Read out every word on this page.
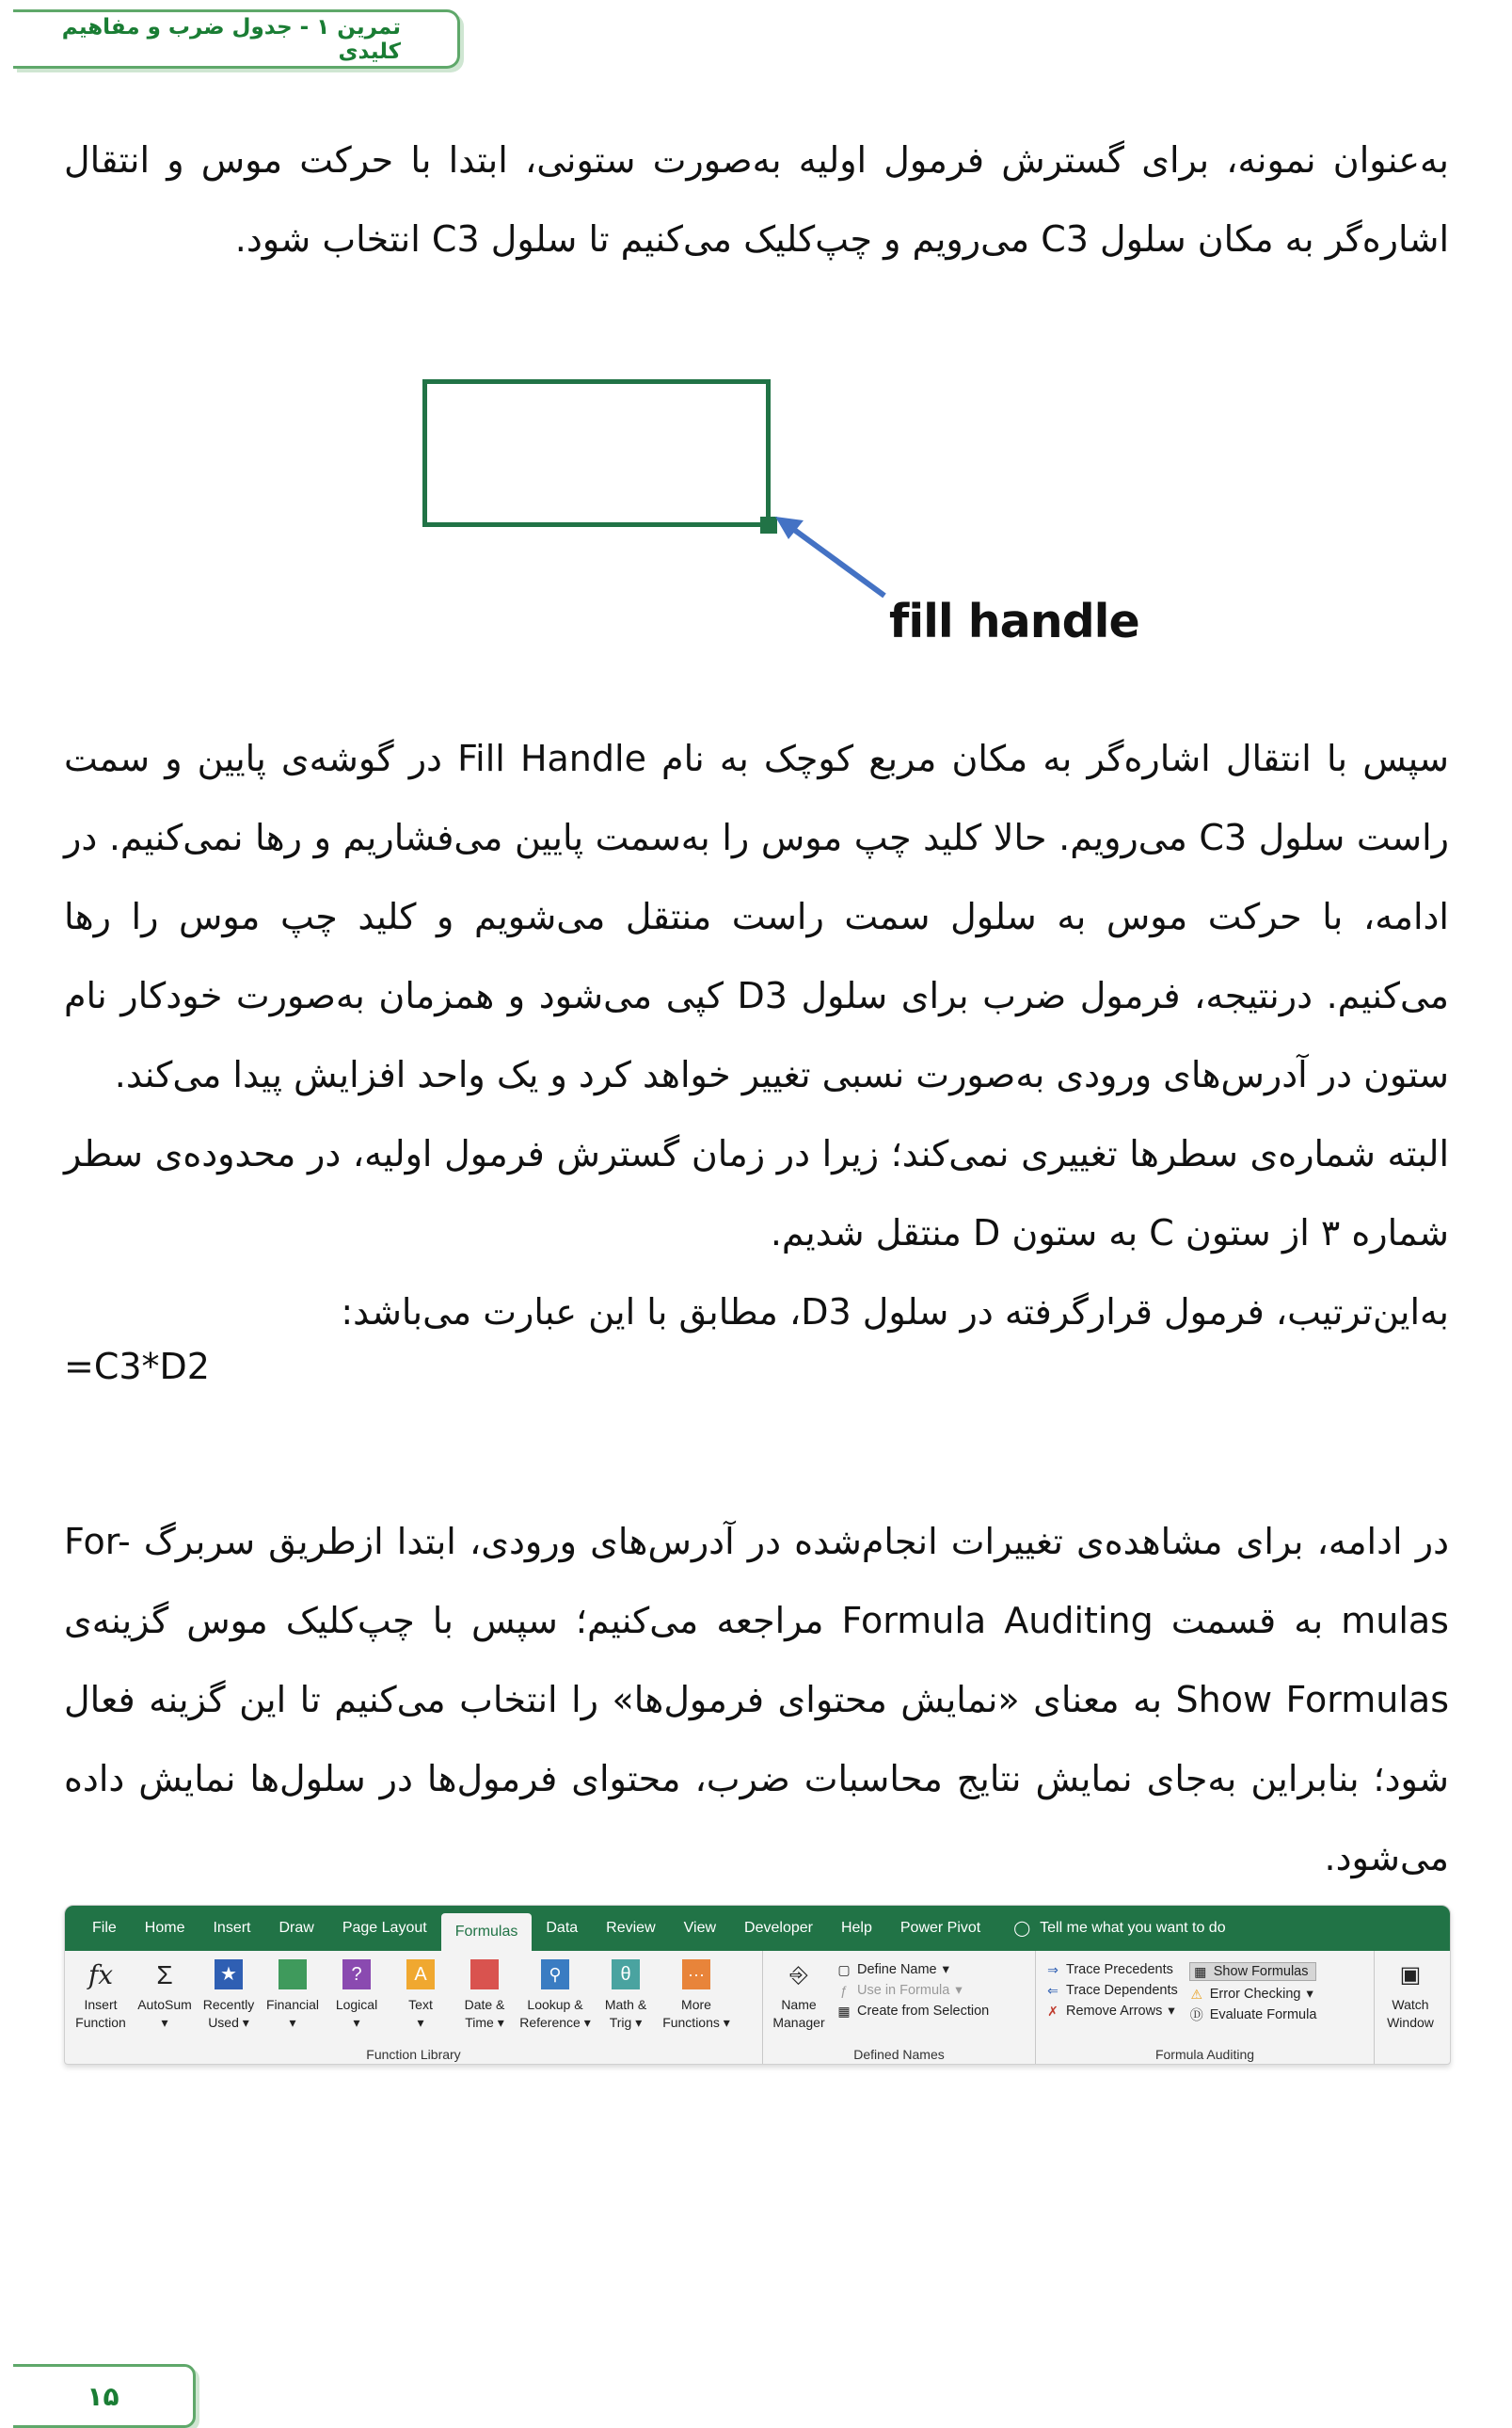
تمرین ۱ - جدول ضرب و مفاهیم کلیدی

به‌عنوان نمونه، برای گسترش فرمول اولیه به‌صورت ستونی، ابتدا با حرکت موس و انتقال اشاره‌گر به مکان سلول C3 می‌رویم و چپ‌کلیک می‌کنیم تا سلول C3 انتخاب شود.

fill handle

سپس با انتقال اشاره‌گر به مکان مربع کوچک به نام Fill Handle در گوشه‌ی پایین و سمت راست سلول C3 می‌رویم. حالا کلید چپ موس را به‌سمت پایین می‌فشاریم و رها نمی‌کنیم. در ادامه، با حرکت موس به سلول سمت راست منتقل می‌شویم و کلید چپ موس را رها می‌کنیم. درنتیجه، فرمول ضرب برای سلول D3 کپی می‌شود و همزمان به‌صورت خودکار نام ستون در آدرس‌های ورودی به‌صورت نسبی تغییر خواهد کرد و یک واحد افزایش پیدا می‌کند.

البته شماره‌ی سطرها تغییری نمی‌کند؛ زیرا در زمان گسترش فرمول اولیه، در محدوده‌ی سطر شماره ۳ از ستون C به ستون D منتقل شدیم.

به‌این‌ترتیب، فرمول قرارگرفته در سلول D3، مطابق با این عبارت می‌باشد:

=C3*D2

در ادامه، برای مشاهده‌ی تغییرات انجام‌شده در آدرس‌های ورودی، ابتدا ازطریق سربرگ For-mulas به قسمت Formula Auditing مراجعه می‌کنیم؛ سپس با چپ‌کلیک موس گزینه‌ی Show Formulas به معنای «نمایش محتوای فرمول‌ها» را انتخاب می‌کنیم تا این گزینه فعال شود؛ بنابراین به‌جای نمایش نتایج محاسبات ضرب، محتوای فرمول‌ها در سلول‌ها نمایش داده می‌شود.

File	Home	Insert	Draw	Page Layout	Formulas	Data	Review	View	Developer	Help	Power Pivot	◯ Tell me what you want to do
fx
Insert
Function
Σ
AutoSum
▾
★
Recently
Used ▾
Financial
▾
?
Logical
▾
A
Text
▾
Date &
Time ▾
⚲
Lookup &
Reference ▾
θ
Math &
Trig ▾
···
More
Functions ▾
Function Library
⎆
Name
Manager
▢ Define Name ▾
ƒ Use in Formula ▾
▦ Create from Selection
Defined Names
⇒ Trace Precedents
⇐ Trace Dependents
✗ Remove Arrows ▾
▦ Show Formulas
⚠ Error Checking ▾
Ⓓ Evaluate Formula
Formula Auditing
▣
Watch
Window
۱۵
